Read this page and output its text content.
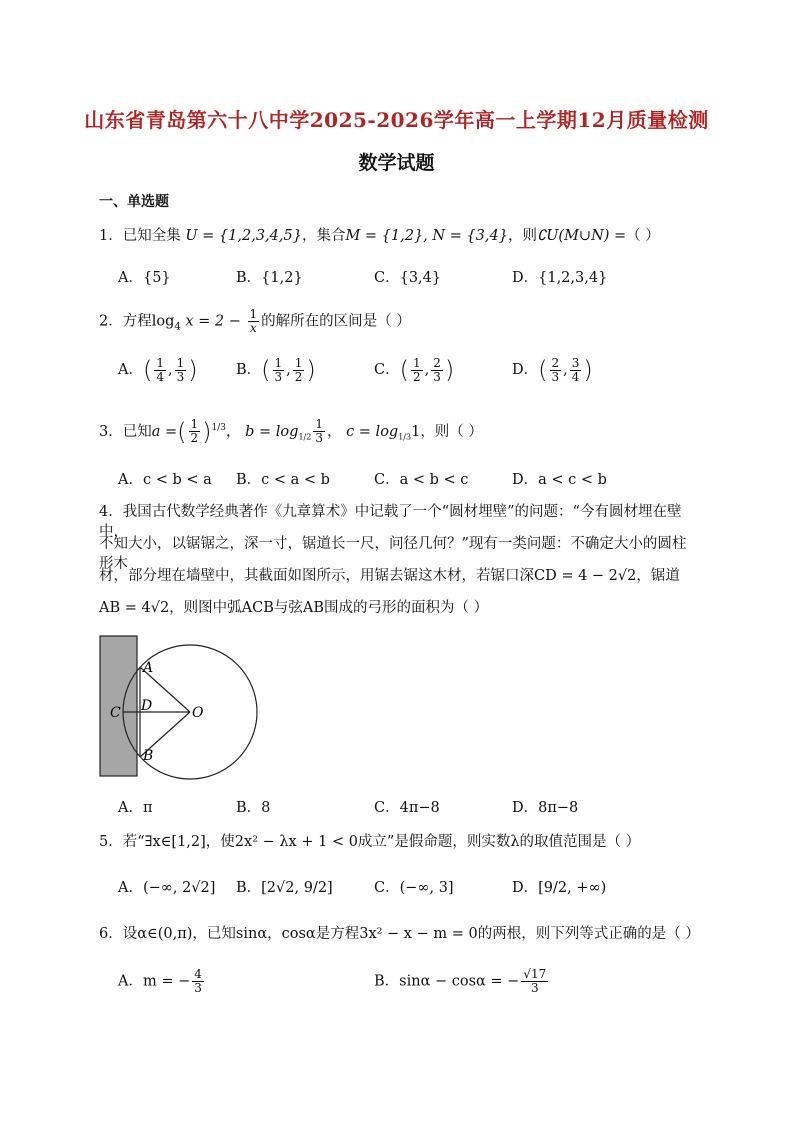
山东省青岛第六十八中学2025-2026学年高一上学期12月质量检测
数学试题
一、单选题
1．已知全集 U = {1,2,3,4,5}，集合M = {1,2}, N = {3,4}，则∁U(M∪N) =（ ）
A．{5}	B．{1,2}	C．{3,4}	D．{1,2,3,4}
2．方程$\log_4 x = 2 - \frac{1}{x}$ 的解所在的区间是（ ）
A．( $\frac{1}{4}$ , $\frac{1}{3}$ )	B．( $\frac{1}{3}$ , $\frac{1}{2}$ )	C．( $\frac{1}{2}$ , $\frac{2}{3}$ )	D．( $\frac{2}{3}$ , $\frac{3}{4}$ )
3．已知a =( $\frac{1}{2} )^{1/3}$， $b = \log_{1/2} \frac{1}{3}$ ， $c = \log_{1/3}1$，则（ ）
A．c < b < a B．c < a < b	C．a < b < c	D．a < c < b
4．我国古代数学经典著作《九章算术》中记载了一个“圆材埋壁”的问题：“今有圆材埋在壁中，
不知大小，以锯锯之，深一寸，锯道长一尺，问径几何？”现有一类问题：不确定大小的圆柱形木
材，部分埋在墙壁中，其截面如图所示，用锯去锯这木材，若锯口深CD = 4 − 2√2，锯道
AB = 4√2，则图中弧ACB与弦AB围成的弓形的面积为（ ）
A
B
C D	O
A．π	B．8	C．4π−8	D．8π−8
5．若“∃x∈[1,2]，使2x² − λx + 1 < 0成立”是假命题，则实数λ的取值范围是（ ）
A．(−∞, 2√2] B．[2√2, 9/2]	C．(−∞, 3]	D．[9/2, +∞)
6．设α∈(0,π)，已知sinα，cosα是方程3x² − x − m = 0的两根，则下列等式正确的是（ ）
A．m = − $\frac{4}{3}$	B．sinα − cosα = − $\frac{√17}{3}$
